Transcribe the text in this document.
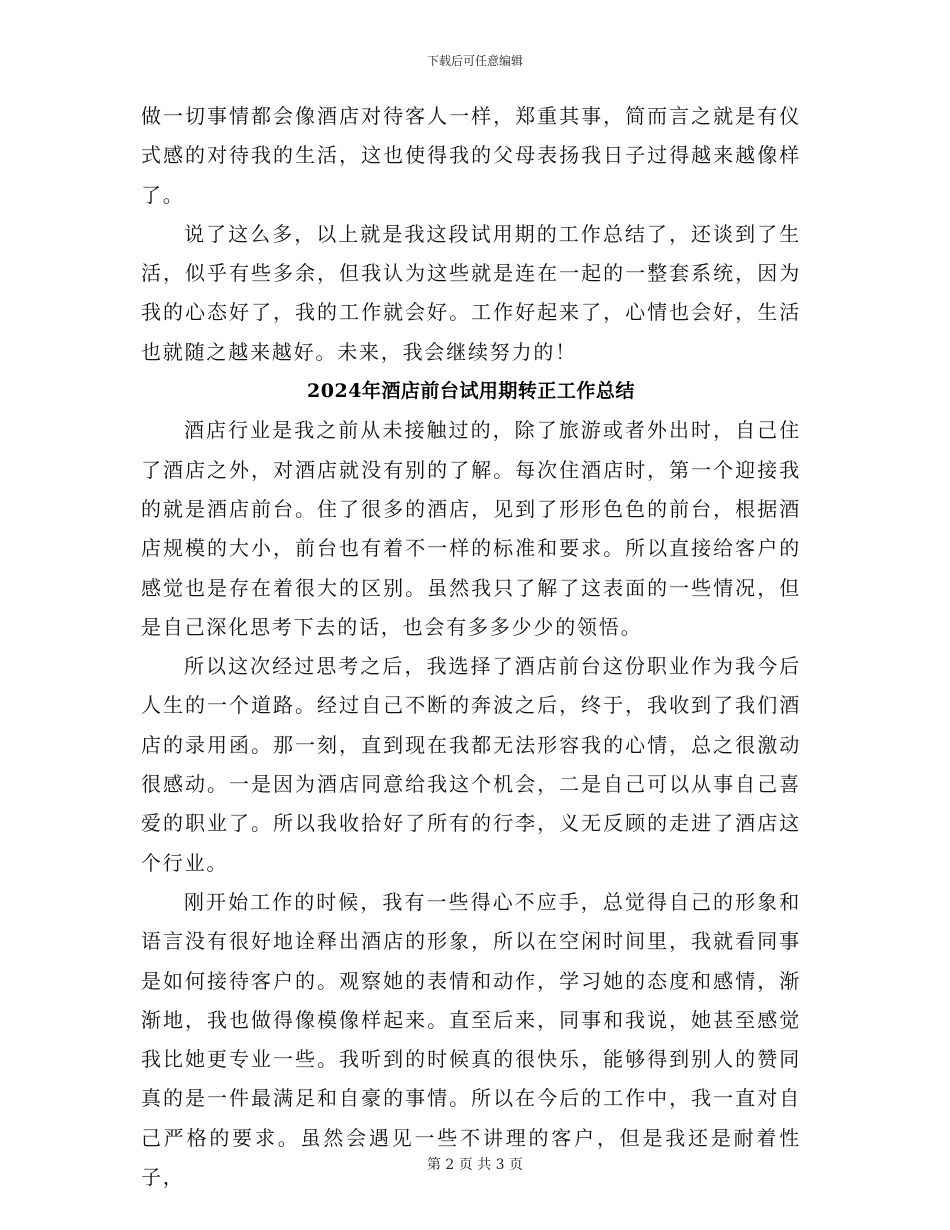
下载后可任意编辑

做一切事情都会像酒店对待客人一样，郑重其事，简而言之就是有仪式感的对待我的生活，这也使得我的父母表扬我日子过得越来越像样了。

说了这么多，以上就是我这段试用期的工作总结了，还谈到了生活，似乎有些多余，但我认为这些就是连在一起的一整套系统，因为我的心态好了，我的工作就会好。工作好起来了，心情也会好，生活也就随之越来越好。未来，我会继续努力的！

2024年酒店前台试用期转正工作总结

酒店行业是我之前从未接触过的，除了旅游或者外出时，自己住了酒店之外，对酒店就没有别的了解。每次住酒店时，第一个迎接我的就是酒店前台。住了很多的酒店，见到了形形色色的前台，根据酒店规模的大小，前台也有着不一样的标准和要求。所以直接给客户的感觉也是存在着很大的区别。虽然我只了解了这表面的一些情况，但是自己深化思考下去的话，也会有多多少少的领悟。

所以这次经过思考之后，我选择了酒店前台这份职业作为我今后人生的一个道路。经过自己不断的奔波之后，终于，我收到了我们酒店的录用函。那一刻，直到现在我都无法形容我的心情，总之很激动很感动。一是因为酒店同意给我这个机会，二是自己可以从事自己喜爱的职业了。所以我收拾好了所有的行李，义无反顾的走进了酒店这个行业。

刚开始工作的时候，我有一些得心不应手，总觉得自己的形象和语言没有很好地诠释出酒店的形象，所以在空闲时间里，我就看同事是如何接待客户的。观察她的表情和动作，学习她的态度和感情，渐渐地，我也做得像模像样起来。直至后来，同事和我说，她甚至感觉我比她更专业一些。我听到的时候真的很快乐，能够得到别人的赞同真的是一件最满足和自豪的事情。所以在今后的工作中，我一直对自己严格的要求。虽然会遇见一些不讲理的客户，但是我还是耐着性子，

第 2 页 共 3 页
